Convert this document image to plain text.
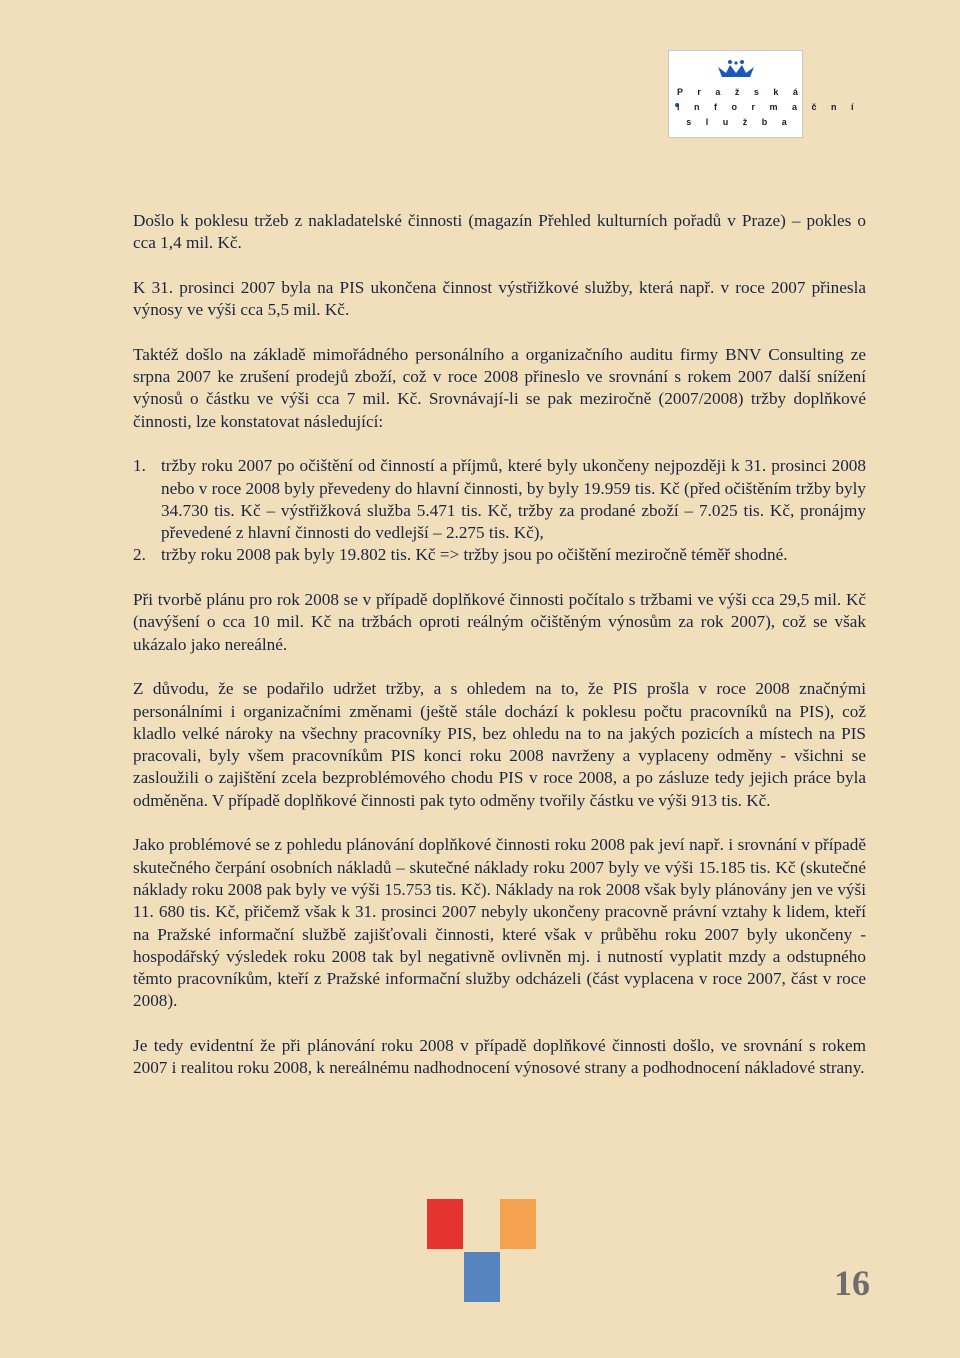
P r a ž s k á
i n f o r m a č n í
s l u ž b a

Došlo k poklesu tržeb z nakladatelské činnosti (magazín Přehled kulturních pořadů v Praze) – pokles o cca 1,4 mil. Kč.

K 31. prosinci 2007 byla na PIS ukončena činnost výstřižkové služby, která např. v roce 2007 přinesla výnosy ve výši cca 5,5 mil. Kč.

Taktéž došlo na základě mimořádného personálního a organizačního auditu firmy BNV Consulting ze srpna 2007 ke zrušení prodejů zboží, což v roce 2008 přineslo ve srovnání s rokem 2007 další snížení výnosů o částku ve výši cca 7 mil. Kč. Srovnávají-li se pak meziročně (2007/2008) tržby doplňkové činnosti, lze konstatovat následující:

1. tržby roku 2007 po očištění od činností a příjmů, které byly ukončeny nejpozději k 31. prosinci 2008 nebo v roce 2008 byly převedeny do hlavní činnosti, by byly 19.959 tis. Kč (před očištěním tržby byly 34.730 tis. Kč – výstřižková služba 5.471 tis. Kč, tržby za prodané zboží – 7.025 tis. Kč, pronájmy převedené z hlavní činnosti do vedlejší – 2.275 tis. Kč),
2. tržby roku 2008 pak byly 19.802 tis. Kč => tržby jsou po očištění meziročně téměř shodné.

Při tvorbě plánu pro rok 2008 se v případě doplňkové činnosti počítalo s tržbami ve výši cca 29,5 mil. Kč (navýšení o cca 10 mil. Kč na tržbách oproti reálným očištěným výnosům za rok 2007), což se však ukázalo jako nereálné.

Z důvodu, že se podařilo udržet tržby, a s ohledem na to, že PIS prošla v roce 2008 značnými personálními i organizačními změnami (ještě stále dochází k poklesu počtu pracovníků na PIS), což kladlo velké nároky na všechny pracovníky PIS, bez ohledu na to na jakých pozicích a místech na PIS pracovali, byly všem pracovníkům PIS konci roku 2008 navrženy a vyplaceny odměny - všichni se zasloužili o zajištění zcela bezproblémového chodu PIS v roce 2008, a po zásluze tedy jejich práce byla odměněna. V případě doplňkové činnosti pak tyto odměny tvořily částku ve výši 913 tis. Kč.

Jako problémové se z pohledu plánování doplňkové činnosti roku 2008 pak jeví např. i srovnání v případě skutečného čerpání osobních nákladů – skutečné náklady roku 2007 byly ve výši 15.185 tis. Kč (skutečné náklady roku 2008 pak byly ve výši 15.753 tis. Kč). Náklady na rok 2008 však byly plánovány jen ve výši 11. 680 tis. Kč, přičemž však k 31. prosinci 2007 nebyly ukončeny pracovně právní vztahy k lidem, kteří na Pražské informační službě zajišťovali činnosti, které však v průběhu roku 2007 byly ukončeny - hospodářský výsledek roku 2008 tak byl negativně ovlivněn mj. i nutností vyplatit mzdy a odstupného těmto pracovníkům, kteří z Pražské informační služby odcházeli (část vyplacena v roce 2007, část v roce 2008).

Je tedy evidentní že při plánování roku 2008 v případě doplňkové činnosti došlo, ve srovnání s rokem 2007 i realitou roku 2008, k nereálnému nadhodnocení výnosové strany a podhodnocení nákladové strany.

16
